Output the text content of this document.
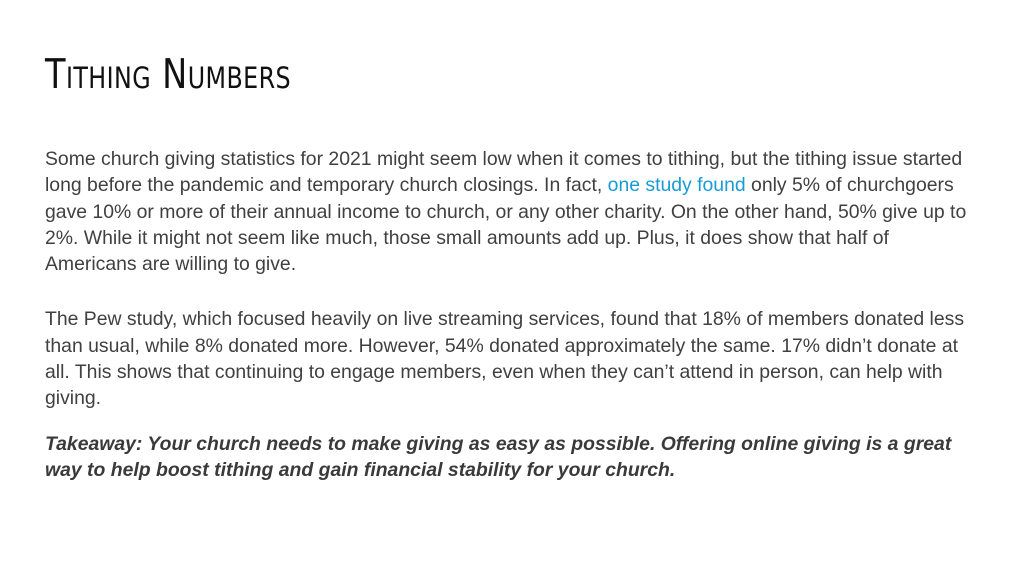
Tithing Numbers

Some church giving statistics for 2021 might seem low when it comes to tithing, but the tithing issue started long before the pandemic and temporary church closings. In fact, one study found only 5% of churchgoers gave 10% or more of their annual income to church, or any other charity. On the other hand, 50% give up to 2%. While it might not seem like much, those small amounts add up. Plus, it does show that half of Americans are willing to give.

The Pew study, which focused heavily on live streaming services, found that 18% of members donated less than usual, while 8% donated more. However, 54% donated approximately the same. 17% didn’t donate at all. This shows that continuing to engage members, even when they can’t attend in person, can help with giving.

Takeaway: Your church needs to make giving as easy as possible. Offering online giving is a great way to help boost tithing and gain financial stability for your church.
